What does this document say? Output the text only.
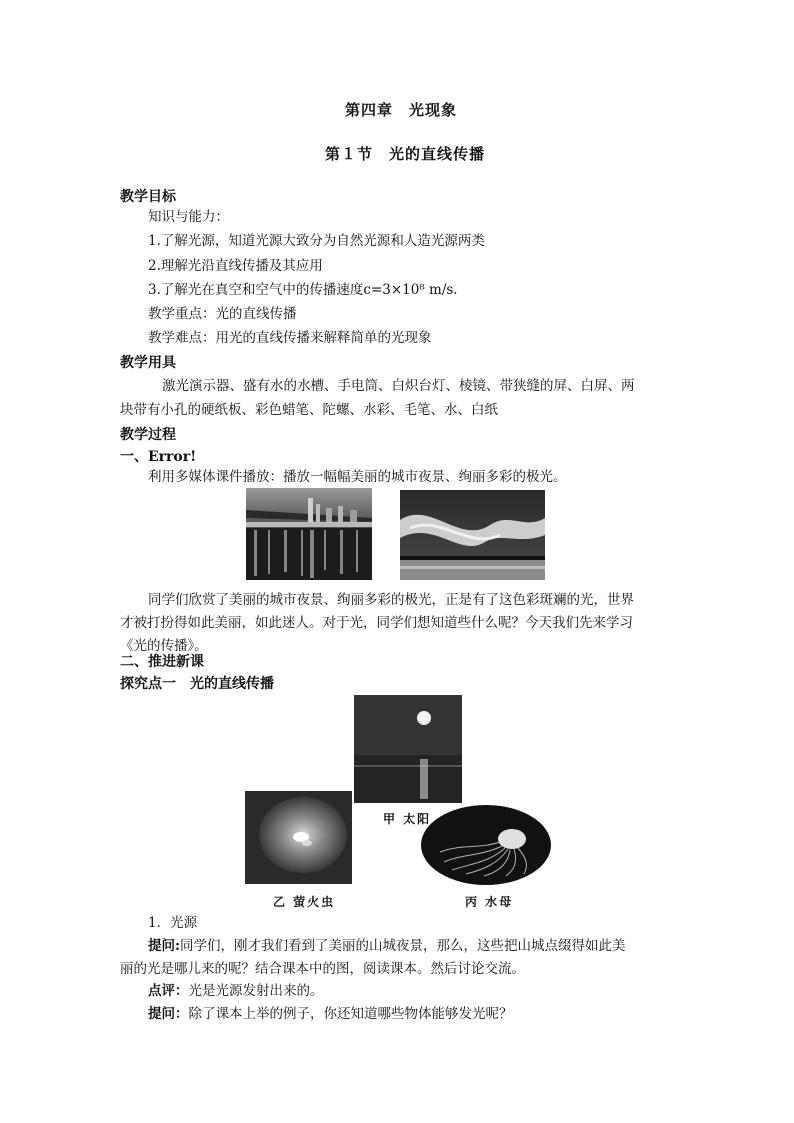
第四章　光现象
第１节　光的直线传播
教学目标
知识与能力：
1.了解光源，知道光源大致分为自然光源和人造光源两类
2.理解光沿直线传播及其应用
3.了解光在真空和空气中的传播速度c=3×10⁸ m/s.
教学重点：光的直线传播
教学难点：用光的直线传播来解释简单的光现象
教学用具
激光演示器、盛有水的水槽、手电筒、白炽台灯、棱镜、带狭缝的屏、白屏、两
块带有小孔的硬纸板、彩色蜡笔、陀螺、水彩、毛笔、水、白纸
教学过程
一、Error!
利用多媒体课件播放：播放一幅幅美丽的城市夜景、绚丽多彩的极光。
同学们欣赏了美丽的城市夜景、绚丽多彩的极光，正是有了这色彩斑斓的光，世界
才被打扮得如此美丽，如此迷人。对于光，同学们想知道些什么呢？今天我们先来学习
《光的传播》。
二、推进新课
探究点一　光的直线传播
甲 太阳
乙 萤火虫	丙 水母
1．光源
提问:同学们，刚才我们看到了美丽的山城夜景，那么，这些把山城点缀得如此美
丽的光是哪儿来的呢？结合课本中的图，阅读课本。然后讨论交流。
点评：光是光源发射出来的。
提问：除了课本上举的例子，你还知道哪些物体能够发光呢？
